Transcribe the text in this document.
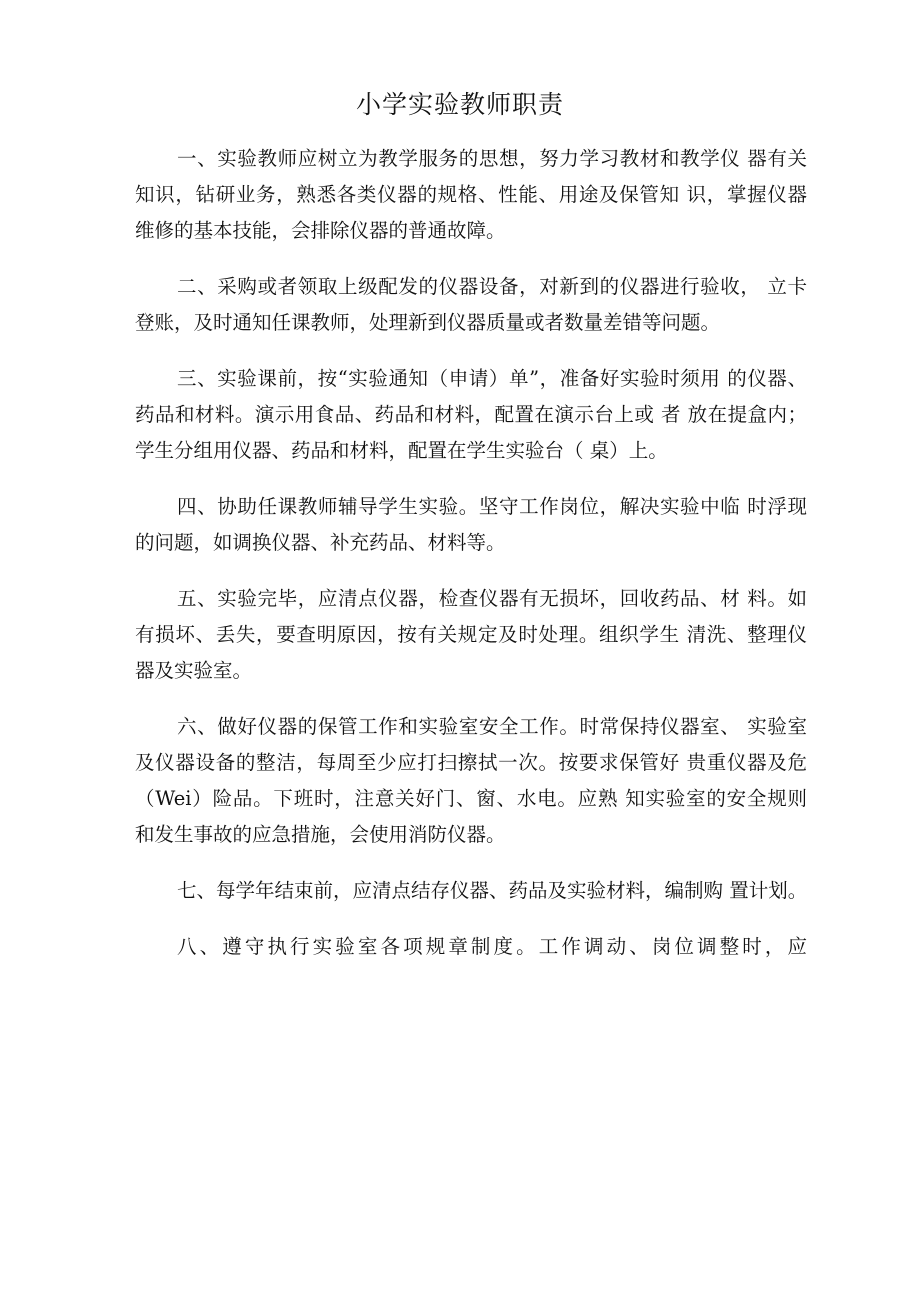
小学实验教师职责
一、实验教师应树立为教学服务的思想，努力学习教材和教学仪 器有关
知识，钻研业务，熟悉各类仪器的规格、性能、用途及保管知 识，掌握仪器
维修的基本技能，会排除仪器的普通故障。
二、采购或者领取上级配发的仪器设备，对新到的仪器进行验收， 立卡
登账，及时通知任课教师，处理新到仪器质量或者数量差错等问题。
三、实验课前，按“实验通知（申请）单”，准备好实验时须用 的仪器、
药品和材料。演示用食品、药品和材料，配置在演示台上或 者 放在提盒内；
学生分组用仪器、药品和材料，配置在学生实验台（ 桌）上。
四、协助任课教师辅导学生实验。坚守工作岗位，解决实验中临 时浮现
的问题，如调换仪器、补充药品、材料等。
五、实验完毕，应清点仪器，检查仪器有无损坏，回收药品、材 料。如
有损坏、丢失，要查明原因，按有关规定及时处理。组织学生 清洗、整理仪
器及实验室。
六、做好仪器的保管工作和实验室安全工作。时常保持仪器室、 实验室
及仪器设备的整洁，每周至少应打扫擦拭一次。按要求保管好 贵重仪器及危
（Wei）险品。下班时，注意关好门、窗、水电。应熟 知实验室的安全规则
和发生事故的应急措施，会使用消防仪器。
七、每学年结束前，应清点结存仪器、药品及实验材料，编制购 置计划。
八、遵守执行实验室各项规章制度。工作调动、岗位调整时，应
